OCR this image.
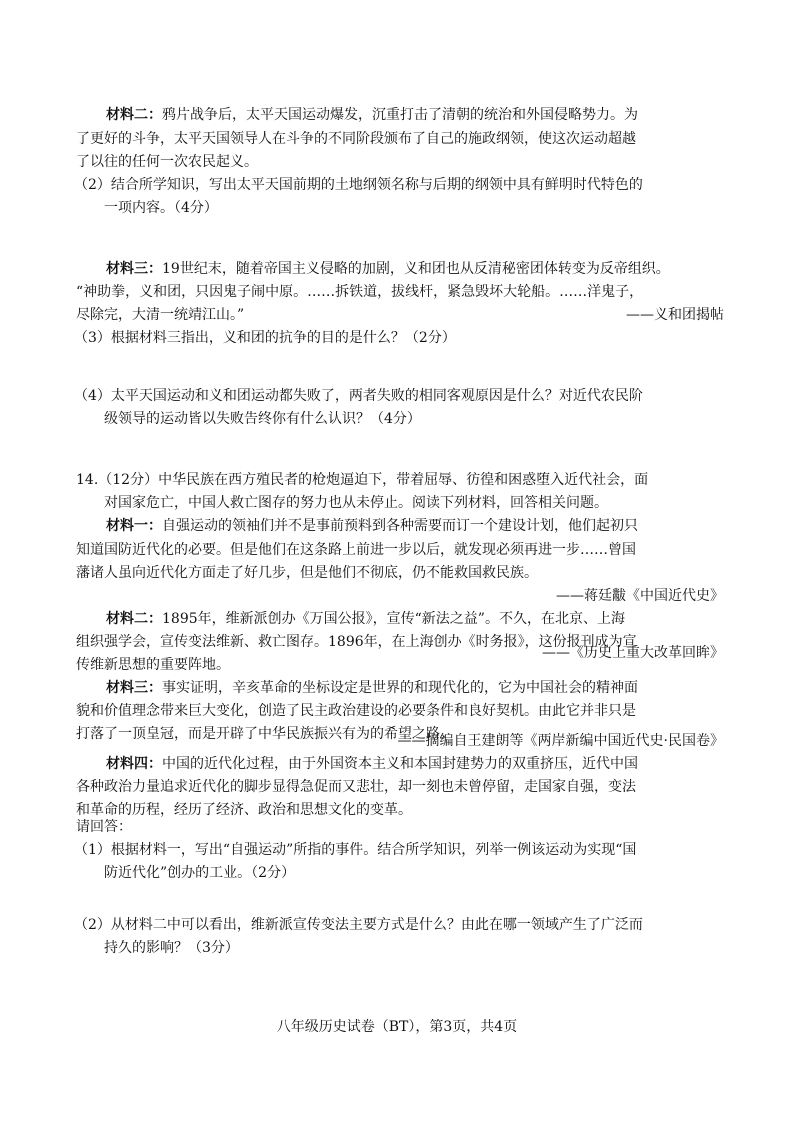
材料二：鸦片战争后，太平天国运动爆发，沉重打击了清朝的统治和外国侵略势力。为
了更好的斗争，太平天国领导人在斗争的不同阶段颁布了自己的施政纲领，使这次运动超越
了以往的任何一次农民起义。
（2）结合所学知识，写出太平天国前期的土地纲领名称与后期的纲领中具有鲜明时代特色的
一项内容。（4分）
材料三：19世纪末，随着帝国主义侵略的加剧，义和团也从反清秘密团体转变为反帝组织。
“神助拳，义和团，只因鬼子闹中原。……拆铁道，拔线杆，紧急毁坏大轮船。……洋鬼子，
尽除完，大清一统靖江山。”	——义和团揭帖
（3）根据材料三指出，义和团的抗争的目的是什么？（2分）
（4）太平天国运动和义和团运动都失败了，两者失败的相同客观原因是什么？对近代农民阶
级领导的运动皆以失败告终你有什么认识？（4分）
14.（12分）中华民族在西方殖民者的枪炮逼迫下，带着屈辱、彷徨和困惑堕入近代社会，面
对国家危亡，中国人救亡图存的努力也从未停止。阅读下列材料，回答相关问题。
材料一：自强运动的领袖们并不是事前预料到各种需要而订一个建设计划，他们起初只
知道国防近代化的必要。但是他们在这条路上前进一步以后，就发现必须再进一步……曾国
藩诸人虽向近代化方面走了好几步，但是他们不彻底，仍不能救国救民族。
——蒋廷黻《中国近代史》
材料二：1895年，维新派创办《万国公报》，宣传“新法之益”。不久，在北京、上海
组织强学会，宣传变法维新、救亡图存。1896年，在上海创办《时务报》，这份报刊成为宣
传维新思想的重要阵地。
——《历史上重大改革回眸》
材料三：事实证明，辛亥革命的坐标设定是世界的和现代化的，它为中国社会的精神面
貌和价值理念带来巨大变化，创造了民主政治建设的必要条件和良好契机。由此它并非只是
打落了一顶皇冠，而是开辟了中华民族振兴有为的希望之路。
——摘编自王建朗等《两岸新编中国近代史·民国卷》
材料四：中国的近代化过程，由于外国资本主义和本国封建势力的双重挤压，近代中国
各种政治力量追求近代化的脚步显得急促而又悲壮，却一刻也未曾停留，走国家自强，变法
和革命的历程，经历了经济、政治和思想文化的变革。
请回答：
（1）根据材料一，写出“自强运动”所指的事件。结合所学知识，列举一例该运动为实现“国
防近代化”创办的工业。（2分）
（2）从材料二中可以看出，维新派宣传变法主要方式是什么？由此在哪一领域产生了广泛而
持久的影响？（3分）
八年级历史试卷（BT），第3页，共4页
